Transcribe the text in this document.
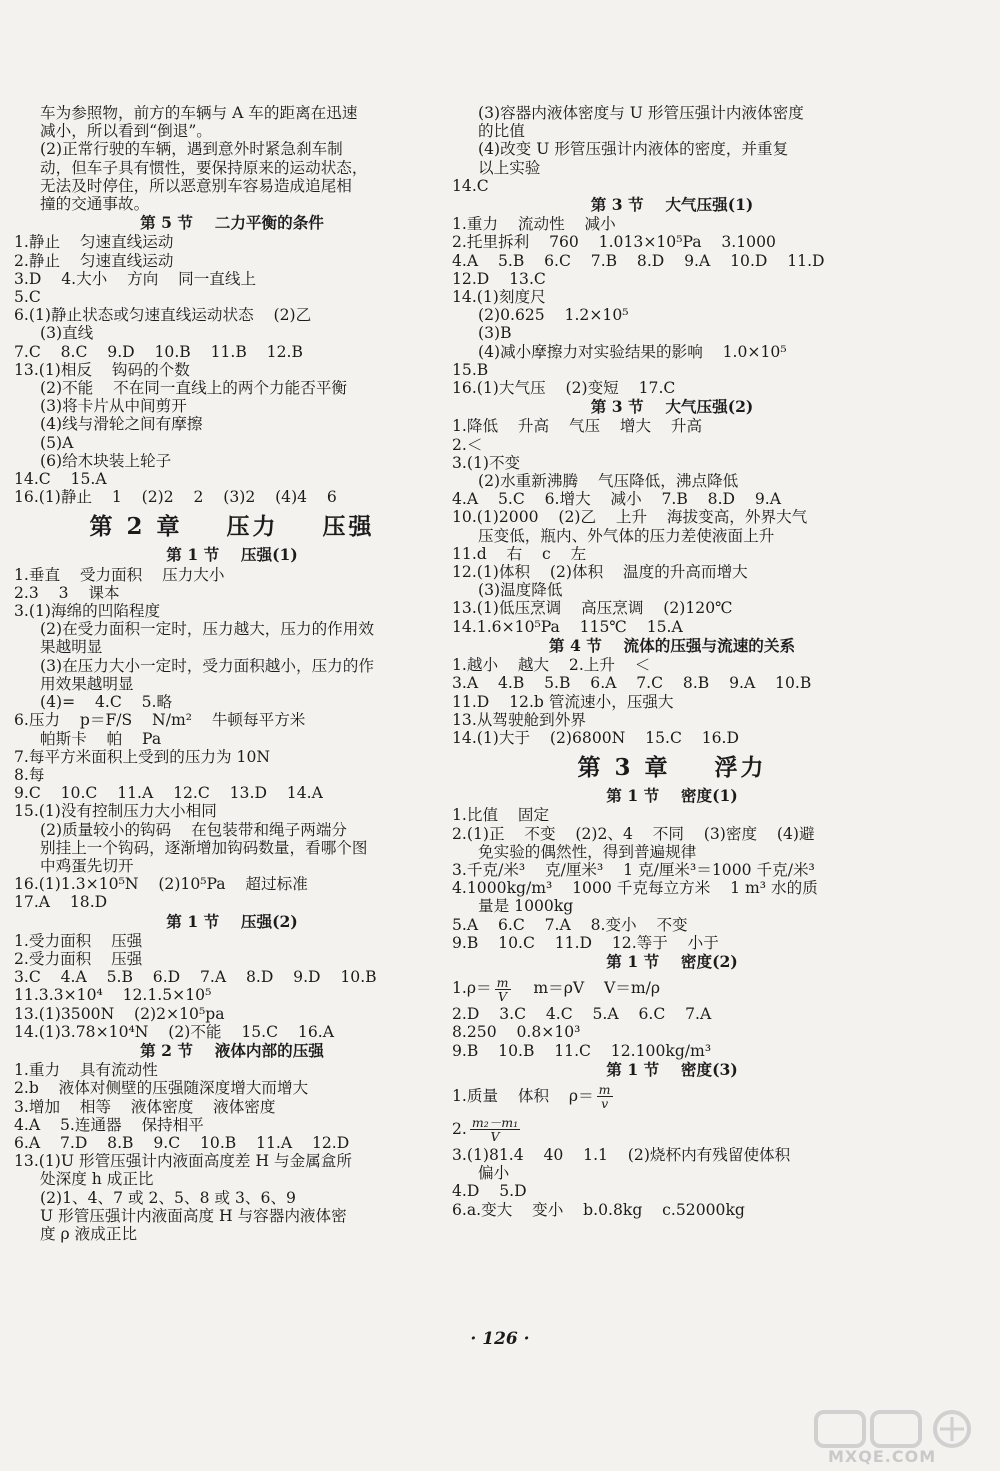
车为参照物，前方的车辆与 A 车的距离在迅速
减小，所以看到“倒退”。
(2)正常行驶的车辆，遇到意外时紧急刹车制
动，但车子具有惯性，要保持原来的运动状态，
无法及时停住，所以恶意别车容易造成追尾相
撞的交通事故。
第 5 节    二力平衡的条件
1.静止    匀速直线运动
2.静止    匀速直线运动
3.D    4.大小    方向    同一直线上
5.C
6.(1)静止状态或匀速直线运动状态    (2)乙
(3)直线
7.C    8.C    9.D    10.B    11.B    12.B
13.(1)相反    钩码的个数
(2)不能    不在同一直线上的两个力能否平衡
(3)将卡片从中间剪开
(4)线与滑轮之间有摩擦
(5)A
(6)给木块装上轮子
14.C    15.A
16.(1)静止    1    (2)2    2    (3)2    (4)4    6
第 2 章    压力    压强
第 1 节    压强(1)
1.垂直    受力面积    压力大小
2.3    3    课本
3.(1)海绵的凹陷程度
(2)在受力面积一定时，压力越大，压力的作用效
果越明显
(3)在压力大小一定时，受力面积越小，压力的作
用效果越明显
(4)=    4.C    5.略
6.压力    p＝F/S    N/m²    牛顿每平方米
帕斯卡    帕    Pa
7.每平方米面积上受到的压力为 10N
8.每
9.C    10.C    11.A    12.C    13.D    14.A
15.(1)没有控制压力大小相同
(2)质量较小的钩码    在包装带和绳子两端分
别挂上一个钩码，逐渐增加钩码数量，看哪个图
中鸡蛋先切开
16.(1)1.3×10⁵N    (2)10⁵Pa    超过标准
17.A    18.D
第 1 节    压强(2)
1.受力面积    压强
2.受力面积    压强
3.C    4.A    5.B    6.D    7.A    8.D    9.D    10.B
11.3.3×10⁴    12.1.5×10⁵
13.(1)3500N    (2)2×10⁵pa
14.(1)3.78×10⁴N    (2)不能    15.C    16.A
第 2 节    液体内部的压强
1.重力    具有流动性
2.b    液体对侧壁的压强随深度增大而增大
3.增加    相等    液体密度    液体密度
4.A    5.连通器    保持相平
6.A    7.D    8.B    9.C    10.B    11.A    12.D
13.(1)U 形管压强计内液面高度差 H 与金属盒所
处深度 h 成正比
(2)1、4、7 或 2、5、8 或 3、6、9
U 形管压强计内液面高度 H 与容器内液体密
度 ρ 液成正比
(3)容器内液体密度与 U 形管压强计内液体密度
的比值
(4)改变 U 形管压强计内液体的密度，并重复
以上实验
14.C
第 3 节    大气压强(1)
1.重力    流动性    减小
2.托里拆利    760    1.013×10⁵Pa    3.1000
4.A    5.B    6.C    7.B    8.D    9.A    10.D    11.D
12.D    13.C
14.(1)刻度尺
(2)0.625    1.2×10⁵
(3)B
(4)减小摩擦力对实验结果的影响    1.0×10⁵
15.B
16.(1)大气压    (2)变短    17.C
第 3 节    大气压强(2)
1.降低    升高    气压    增大    升高
2.＜
3.(1)不变
(2)水重新沸腾    气压降低，沸点降低
4.A    5.C    6.增大    减小    7.B    8.D    9.A
10.(1)2000    (2)乙    上升    海拔变高，外界大气
压变低，瓶内、外气体的压力差使液面上升
11.d    右    c    左
12.(1)体积    (2)体积    温度的升高而增大
(3)温度降低
13.(1)低压烹调    高压烹调    (2)120℃
14.1.6×10⁵Pa    115℃    15.A
第 4 节    流体的压强与流速的关系
1.越小    越大    2.上升    ＜
3.A    4.B    5.B    6.A    7.C    8.B    9.A    10.B
11.D    12.b 管流速小，压强大
13.从驾驶舱到外界
14.(1)大于    (2)6800N    15.C    16.D
第 3 章    浮力
第 1 节    密度(1)
1.比值    固定
2.(1)正    不变    (2)2、4    不同    (3)密度    (4)避
免实验的偶然性，得到普遍规律
3.千克/米³    克/厘米³    1 克/厘米³＝1000 千克/米³
4.1000kg/m³    1000 千克每立方米    1 m³ 水的质
量是 1000kg
5.A    6.C    7.A    8.变小    不变
9.B    10.C    11.D    12.等于    小于
第 1 节    密度(2)
$1.\rho= \frac{m}{V} m=\rho V$    V＝m/ρ
2.D    3.C    4.C    5.A    6.C    7.A
8.250    0.8×10³
9.B    10.B    11.C    12.100kg/m³
第 1 节    密度(3)
1.质量    体积    $\rho= \frac{m}{v}$
2. $\frac{\text{m₂－m₁}}{V}$
3.(1)81.4    40    1.1    (2)烧杯内有残留使体积
偏小
4.D    5.D
6.a.变大    变小    b.0.8kg    c.52000kg
· 126 ·
MXQE.COM
